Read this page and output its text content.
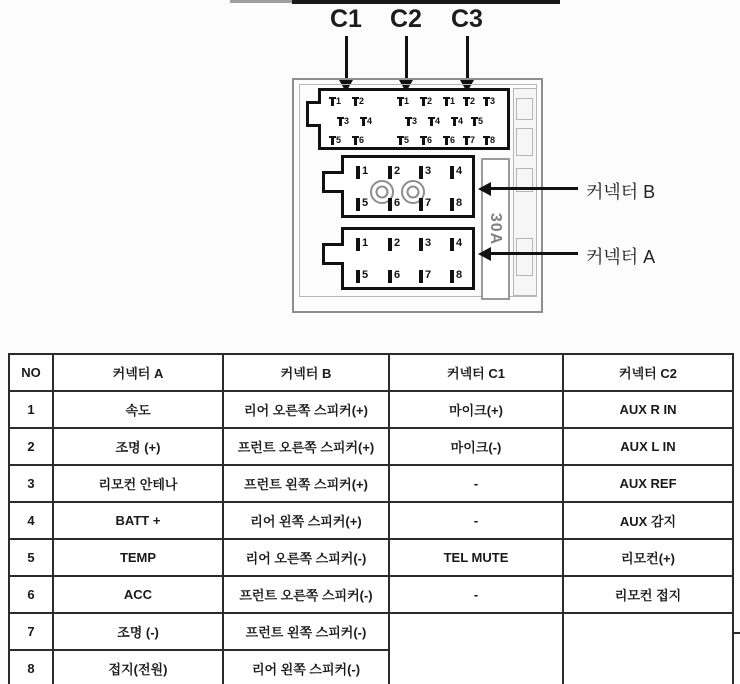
C1 C2 C3
30A
1 2
3 4
5 6
1 2
3 4
5 6
1 2 3
4 5
6 7 8
1 2 3 4
5 6 7 8
1 2 3 4
5 6 7 8
커넥터 B
커넥터 A
NO	커넥터 A	커넥터 B	커넥터 C1	커넥터 C2
1	속도	리어 오른쪽 스피커(+)	마이크(+)	AUX R IN
2	조명 (+)	프런트 오른쪽 스피커(+)	마이크(-)	AUX L IN
3	리모컨 안테나	프런트 왼쪽 스피커(+)	-	AUX REF
4	BATT +	리어 왼쪽 스피커(+)	-	AUX 감지
5	TEMP	리어 오른쪽 스피커(-)	TEL MUTE	리모컨(+)
6	ACC	프런트 오른쪽 스피커(-)	-	리모컨 접지
7	조명 (-)	프런트 왼쪽 스피커(-)		
8	접지(전원)	리어 왼쪽 스피커(-)		
